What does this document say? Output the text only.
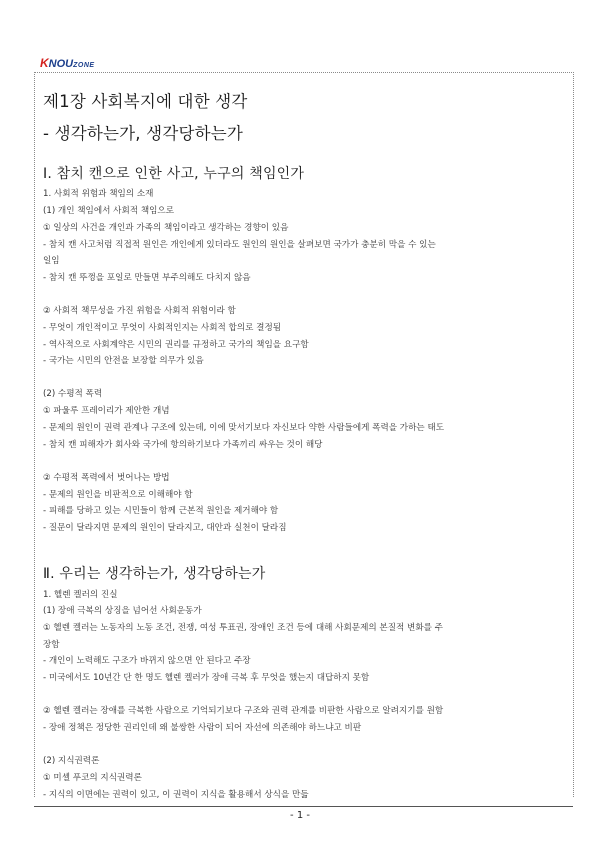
KNOUZONE
제1장 사회복지에 대한 생각
- 생각하는가, 생각당하는가
Ⅰ. 참치 캔으로 인한 사고, 누구의 책임인가
1. 사회적 위험과 책임의 소재
(1) 개인 책임에서 사회적 책임으로
① 일상의 사건을 개인과 가족의 책임이라고 생각하는 경향이 있음
- 참치 캔 사고처럼 직접적 원인은 개인에게 있더라도 원인의 원인을 살펴보면 국가가 충분히 막을 수 있는
일임
- 참치 캔 뚜껑을 포일로 만들면 부주의해도 다치지 않음
② 사회적 책무성을 가진 위험을 사회적 위험이라 함
- 무엇이 개인적이고 무엇이 사회적인지는 사회적 합의로 결정됨
- 역사적으로 사회계약은 시민의 권리를 규정하고 국가의 책임을 요구함
- 국가는 시민의 안전을 보장할 의무가 있음
(2) 수평적 폭력
① 파울루 프레이리가 제안한 개념
- 문제의 원인이 권력 관계나 구조에 있는데, 이에 맞서기보다 자신보다 약한 사람들에게 폭력을 가하는 태도
- 참치 캔 피해자가 회사와 국가에 항의하기보다 가족끼리 싸우는 것이 해당
② 수평적 폭력에서 벗어나는 방법
- 문제의 원인을 비판적으로 이해해야 함
- 피해를 당하고 있는 시민들이 함께 근본적 원인을 제거해야 함
- 질문이 달라지면 문제의 원인이 달라지고, 대안과 실천이 달라짐
Ⅱ. 우리는 생각하는가, 생각당하는가
1. 헬렌 켈러의 진실
(1) 장애 극복의 상징을 넘어선 사회운동가
① 헬렌 켈러는 노동자의 노동 조건, 전쟁, 여성 투표권, 장애인 조건 등에 대해 사회문제의 본질적 변화를 주
장함
- 개인이 노력해도 구조가 바뀌지 않으면 안 된다고 주장
- 미국에서도 10년간 단 한 명도 헬렌 켈러가 장애 극복 후 무엇을 했는지 대답하지 못함
② 헬렌 켈러는 장애를 극복한 사람으로 기억되기보다 구조와 권력 관계를 비판한 사람으로 알려지기를 원함
- 장애 정책은 정당한 권리인데 왜 불쌍한 사람이 되어 자선에 의존해야 하느냐고 비판
(2) 지식권력론
① 미셸 푸코의 지식권력론
- 지식의 이면에는 권력이 있고, 이 권력이 지식을 활용해서 상식을 만듦
- 1 -
